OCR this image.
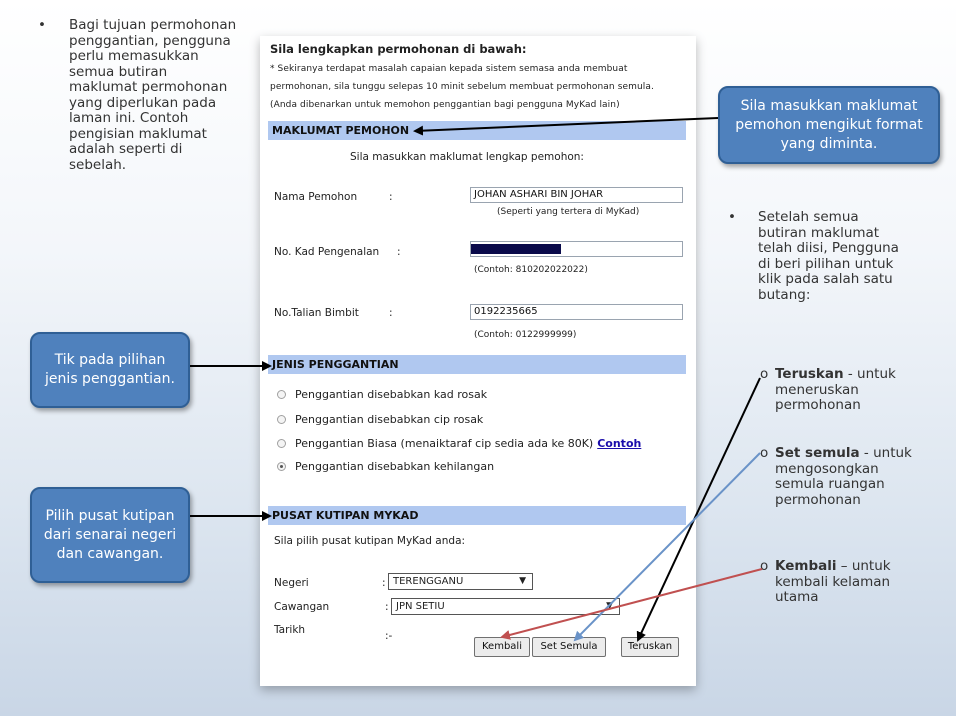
• Bagi tujuan permohonan penggantian, pengguna perlu memasukkan semua butiran maklumat permohonan yang diperlukan pada laman ini. Contoh pengisian maklumat adalah seperti di sebelah.
Sila masukkan maklumat pemohon mengikut format yang diminta.
Tik pada pilihan jenis penggantian.
Pilih pusat kutipan dari senarai negeri dan cawangan.
• Setelah semua butiran maklumat telah diisi, Pengguna di beri pilihan untuk klik pada salah satu butang:
o Teruskan - untuk meneruskan permohonan
o Set semula - untuk mengosongkan semula ruangan permohonan
o Kembali – untuk kembali kelaman utama
Sila lengkapkan permohonan di bawah:
* Sekiranya terdapat masalah capaian kepada sistem semasa anda membuat
permohonan, sila tunggu selepas 10 minit sebelum membuat permohonan semula.
(Anda dibenarkan untuk memohon penggantian bagi pengguna MyKad lain)
MAKLUMAT PEMOHON
Sila masukkan maklumat lengkap pemohon:
Nama Pemohon	:	JOHAN ASHARI BIN JOHAR
(Seperti yang tertera di MyKad)
No. Kad Pengenalan :
(Contoh: 810202022022)
No.Talian Bimbit	:	0192235665
(Contoh: 0122999999)
JENIS PENGGANTIAN
Penggantian disebabkan kad rosak
Penggantian disebabkan cip rosak
Penggantian Biasa (menaiktaraf cip sedia ada ke 80K) Contoh
Penggantian disebabkan kehilangan
PUSAT KUTIPAN MYKAD
Sila pilih pusat kutipan MyKad anda:
Negeri	: TERENGGANU	▼
Cawangan	: JPN SETIU	▼
Tarikh	:-
Kembali	Set Semula	Teruskan
